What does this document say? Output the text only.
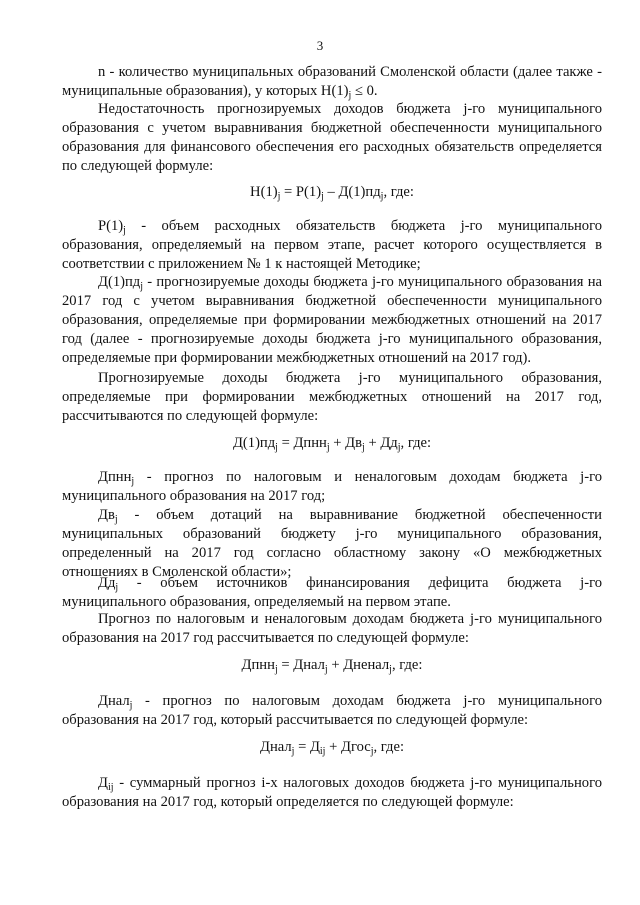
3

n - количество муниципальных образований Смоленской области (далее также - муниципальные образования), у которых $Н(1)_j \le 0$.

Недостаточность прогнозируемых доходов бюджета j-го муниципального образования с учетом выравнивания бюджетной обеспеченности муниципального образования для финансового обеспечения его расходных обязательств определяется по следующей формуле:

$Н(1)_j = Р(1)_j - Д(1)пд_j$, где:

$Р(1)_j$ - объем расходных обязательств бюджета j-го муниципального образования, определяемый на первом этапе, расчет которого осуществляется в соответствии с приложением № 1 к настоящей Методике;

$Д(1)пд_j$ - прогнозируемые доходы бюджета j-го муниципального образования на 2017 год с учетом выравнивания бюджетной обеспеченности муниципального образования, определяемые при формировании межбюджетных отношений на 2017 год (далее - прогнозируемые доходы бюджета j-го муниципального образования, определяемые при формировании межбюджетных отношений на 2017 год).

Прогнозируемые доходы бюджета j-го муниципального образования, определяемые при формировании межбюджетных отношений на 2017 год, рассчитываются по следующей формуле:

$Д(1)пд_j$ = Дпнн$_j$ + $Дв_j + Дд_j$, где:

Дпнн$_j$ - прогноз по налоговым и неналоговым доходам бюджета j-го муниципального образования на 2017 год;

$Дв_j$ - объем дотаций на выравнивание бюджетной обеспеченности муниципальных образований бюджету j-го муниципального образования, определенный на 2017 год согласно областному закону «О межбюджетных отношениях в Смоленской области»;

$Дд_j$ - объем источников финансирования дефицита бюджета j-го муниципального образования, определяемый на первом этапе.

Прогноз по налоговым и неналоговым доходам бюджета j-го муниципального образования на 2017 год рассчитывается по следующей формуле:

Дпнн$_j$ = Днал$_j$ + Дненал$_j$, где:

Днал$_j$ - прогноз по налоговым доходам бюджета j-го муниципального образования на 2017 год, который рассчитывается по следующей формуле:

Днал$_j$ = $Д_{ij}$ + Дгос$_j$, где:

$Д_{ij}$ - суммарный прогноз i-х налоговых доходов бюджета j-го муниципального образования на 2017 год, который определяется по следующей формуле:
